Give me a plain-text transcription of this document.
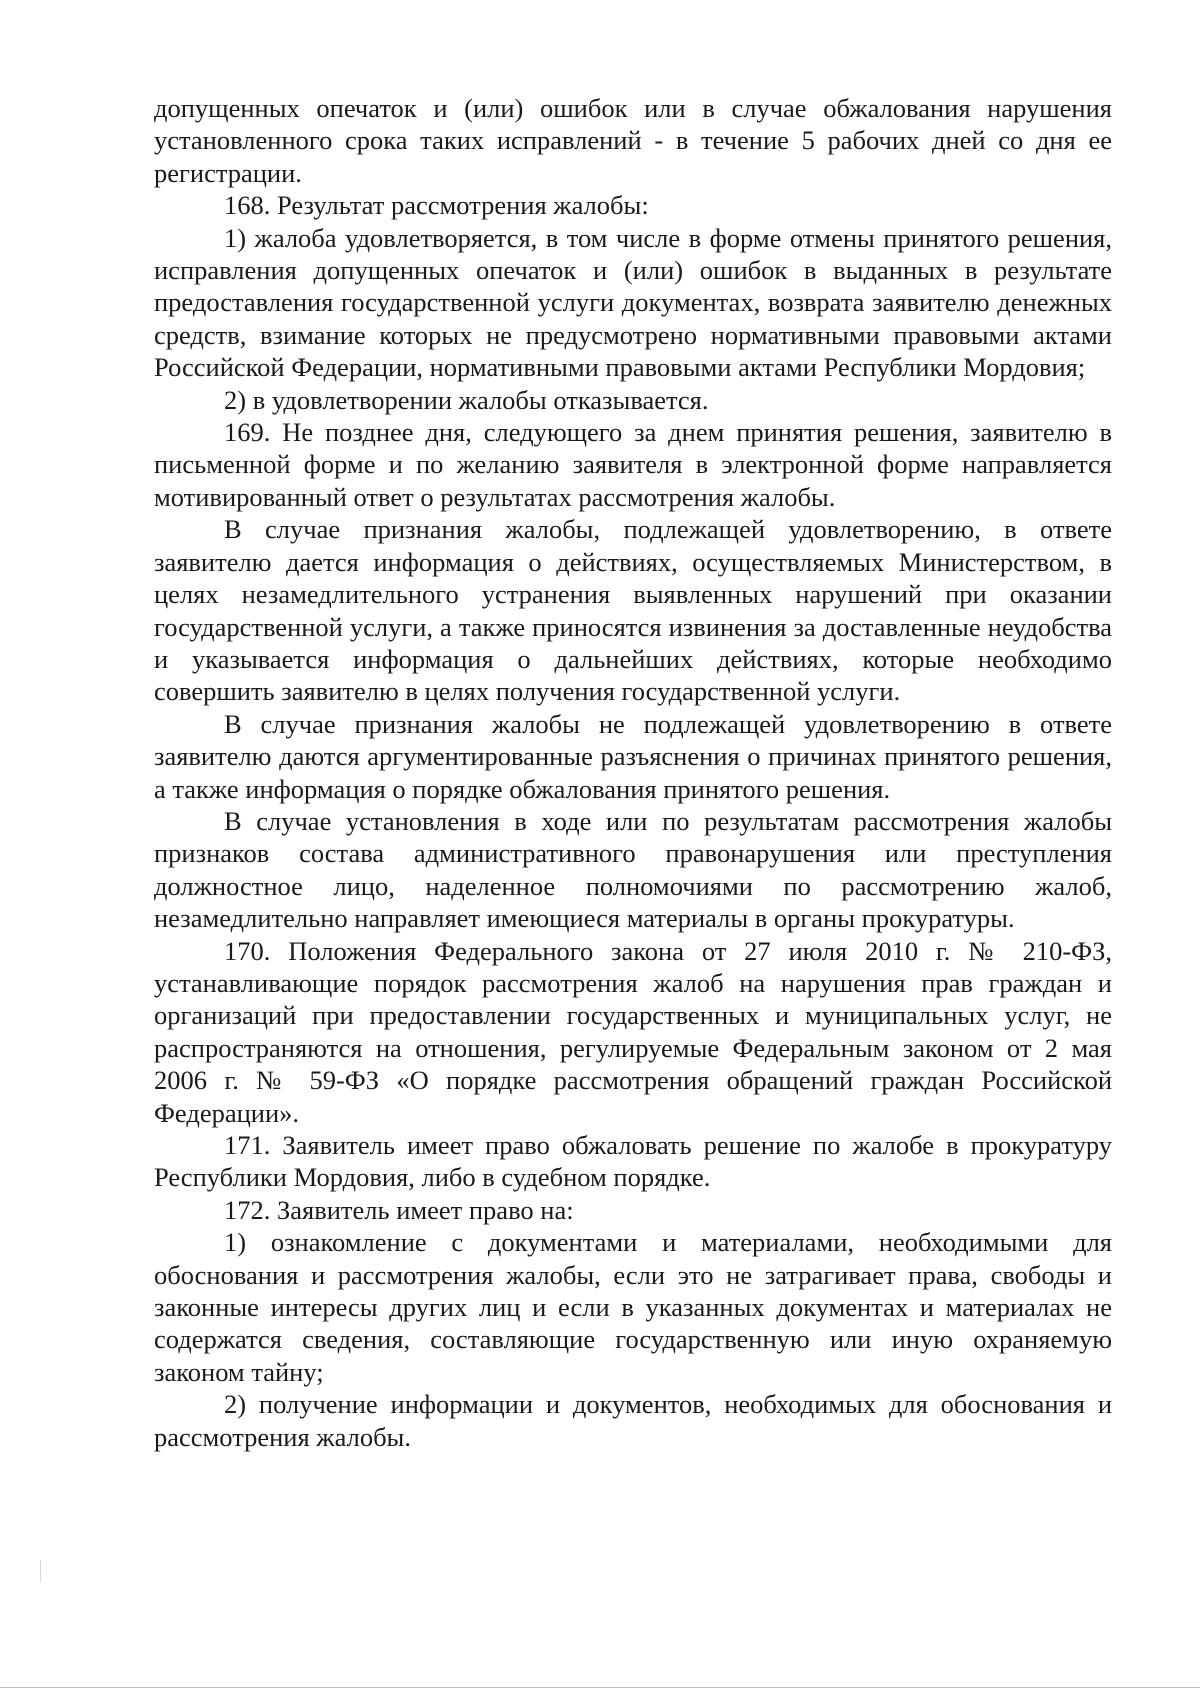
допущенных опечаток и (или) ошибок или в случае обжалования нарушения установленного срока таких исправлений - в течение 5 рабочих дней со дня ее регистрации.

168. Результат рассмотрения жалобы:

1) жалоба удовлетворяется, в том числе в форме отмены принятого решения, исправления допущенных опечаток и (или) ошибок в выданных в результате предоставления государственной услуги документах, возврата заявителю денежных средств, взимание которых не предусмотрено нормативными правовыми актами Российской Федерации, нормативными правовыми актами Республики Мордовия;

2) в удовлетворении жалобы отказывается.

169. Не позднее дня, следующего за днем принятия решения, заявителю в письменной форме и по желанию заявителя в электронной форме направляется мотивированный ответ о результатах рассмотрения жалобы.

В случае признания жалобы, подлежащей удовлетворению, в ответе заявителю дается информация о действиях, осуществляемых Министерством, в целях незамедлительного устранения выявленных нарушений при оказании государственной услуги, а также приносятся извинения за доставленные неудобства и указывается информация о дальнейших действиях, которые необходимо совершить заявителю в целях получения государственной услуги.

В случае признания жалобы не подлежащей удовлетворению в ответе заявителю даются аргументированные разъяснения о причинах принятого решения, а также информация о порядке обжалования принятого решения.

В случае установления в ходе или по результатам рассмотрения жалобы признаков состава административного правонарушения или преступления должностное лицо, наделенное полномочиями по рассмотрению жалоб, незамедлительно направляет имеющиеся материалы в органы прокуратуры.

170. Положения Федерального закона от 27 июля 2010 г. № 210-ФЗ, устанавливающие порядок рассмотрения жалоб на нарушения прав граждан и организаций при предоставлении государственных и муниципальных услуг, не распространяются на отношения, регулируемые Федеральным законом от 2 мая 2006 г. № 59-ФЗ «О порядке рассмотрения обращений граждан Российской Федерации».

171. Заявитель имеет право обжаловать решение по жалобе в прокуратуру Республики Мордовия, либо в судебном порядке.

172. Заявитель имеет право на:

1) ознакомление с документами и материалами, необходимыми для обоснования и рассмотрения жалобы, если это не затрагивает права, свободы и законные интересы других лиц и если в указанных документах и материалах не содержатся сведения, составляющие государственную или иную охраняемую законом тайну;

2) получение информации и документов, необходимых для обоснования и рассмотрения жалобы.
